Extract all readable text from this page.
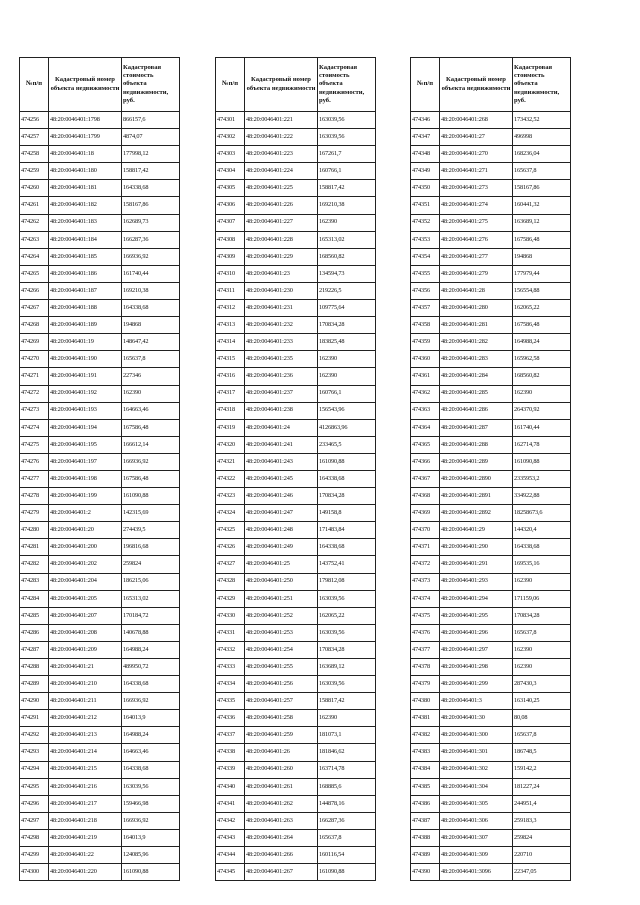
№п/п	Кадастровый номер объекта недвижимости	Кадастровая стоимость объекта недвижимости, руб.
474256	48:20:0046401:1798	866157,6
474257	48:20:0046401:1799	4874,07
474258	48:20:0046401:18	177998,12
474259	48:20:0046401:180	158817,42
474260	48:20:0046401:181	164338,68
474261	48:20:0046401:182	158167,86
474262	48:20:0046401:183	162689,73
474263	48:20:0046401:184	166287,36
474264	48:20:0046401:185	166936,92
474265	48:20:0046401:186	161740,44
474266	48:20:0046401:187	169210,38
474267	48:20:0046401:188	164338,68
474268	48:20:0046401:189	194868
474269	48:20:0046401:19	148647,42
474270	48:20:0046401:190	165637,8
474271	48:20:0046401:191	227346
474272	48:20:0046401:192	162390
474273	48:20:0046401:193	164663,46
474274	48:20:0046401:194	167586,48
474275	48:20:0046401:195	166612,14
474276	48:20:0046401:197	166936,92
474277	48:20:0046401:198	167586,48
474278	48:20:0046401:199	161090,88
474279	48:20:0046401:2	142315,69
474280	48:20:0046401:20	274439,5
474281	48:20:0046401:200	196816,68
474282	48:20:0046401:202	259824
474283	48:20:0046401:204	186215,06
474284	48:20:0046401:205	165313,02
474285	48:20:0046401:207	170184,72
474286	48:20:0046401:208	140678,88
474287	48:20:0046401:209	164988,24
474288	48:20:0046401:21	489950,72
474289	48:20:0046401:210	164338,68
474290	48:20:0046401:211	166936,92
474291	48:20:0046401:212	164013,9
474292	48:20:0046401:213	164988,24
474293	48:20:0046401:214	164663,46
474294	48:20:0046401:215	164338,68
474295	48:20:0046401:216	163039,56
474296	48:20:0046401:217	159466,98
474297	48:20:0046401:218	166936,92
474298	48:20:0046401:219	164013,9
474299	48:20:0046401:22	124085,96
474300	48:20:0046401:220	161090,88
№п/п	Кадастровый номер объекта недвижимости	Кадастровая стоимость объекта недвижимости, руб.
474301	48:20:0046401:221	163039,56
474302	48:20:0046401:222	163039,56
474303	48:20:0046401:223	167261,7
474304	48:20:0046401:224	160766,1
474305	48:20:0046401:225	158817,42
474306	48:20:0046401:226	169210,38
474307	48:20:0046401:227	162390
474308	48:20:0046401:228	165313,02
474309	48:20:0046401:229	168560,82
474310	48:20:0046401:23	134594,73
474311	48:20:0046401:230	219226,5
474312	48:20:0046401:231	109775,64
474313	48:20:0046401:232	170834,28
474314	48:20:0046401:233	183825,48
474315	48:20:0046401:235	162390
474316	48:20:0046401:236	162390
474317	48:20:0046401:237	160766,1
474318	48:20:0046401:238	156543,96
474319	48:20:0046401:24	4126863,96
474320	48:20:0046401:241	233465,5
474321	48:20:0046401:243	161090,88
474322	48:20:0046401:245	164338,68
474323	48:20:0046401:246	170834,28
474324	48:20:0046401:247	149158,8
474325	48:20:0046401:248	171483,84
474326	48:20:0046401:249	164338,68
474327	48:20:0046401:25	143752,41
474328	48:20:0046401:250	179812,08
474329	48:20:0046401:251	163039,56
474330	48:20:0046401:252	162065,22
474331	48:20:0046401:253	163039,56
474332	48:20:0046401:254	170834,28
474333	48:20:0046401:255	163689,12
474334	48:20:0046401:256	163039,56
474335	48:20:0046401:257	158817,42
474336	48:20:0046401:258	162390
474337	48:20:0046401:259	181073,1
474338	48:20:0046401:26	181846,62
474339	48:20:0046401:260	163714,78
474340	48:20:0046401:261	168885,6
474341	48:20:0046401:262	144878,16
474342	48:20:0046401:263	166287,36
474343	48:20:0046401:264	165637,8
474344	48:20:0046401:266	160116,54
474345	48:20:0046401:267	161090,88
№п/п	Кадастровый номер объекта недвижимости	Кадастровая стоимость объекта недвижимости, руб.
474346	48:20:0046401:268	173432,52
474347	48:20:0046401:27	496998
474348	48:20:0046401:270	168236,04
474349	48:20:0046401:271	165637,8
474350	48:20:0046401:273	158167,86
474351	48:20:0046401:274	160441,32
474352	48:20:0046401:275	163689,12
474353	48:20:0046401:276	167586,48
474354	48:20:0046401:277	194868
474355	48:20:0046401:279	177979,44
474356	48:20:0046401:28	156554,88
474357	48:20:0046401:280	162065,22
474358	48:20:0046401:281	167586,48
474359	48:20:0046401:282	164988,24
474360	48:20:0046401:283	165962,58
474361	48:20:0046401:284	168560,82
474362	48:20:0046401:285	162390
474363	48:20:0046401:286	264370,92
474364	48:20:0046401:287	161740,44
474365	48:20:0046401:288	162714,78
474366	48:20:0046401:289	161090,88
474367	48:20:0046401:2890	2335953,2
474368	48:20:0046401:2891	334922,88
474369	48:20:0046401:2892	18258673,6
474370	48:20:0046401:29	144320,4
474371	48:20:0046401:290	164338,68
474372	48:20:0046401:291	169535,16
474373	48:20:0046401:293	162390
474374	48:20:0046401:294	171159,06
474375	48:20:0046401:295	170834,28
474376	48:20:0046401:296	165637,8
474377	48:20:0046401:297	162390
474378	48:20:0046401:298	162390
474379	48:20:0046401:299	287430,3
474380	48:20:0046401:3	163140,25
474381	48:20:0046401:30	80,08
474382	48:20:0046401:300	165637,8
474383	48:20:0046401:301	186748,5
474384	48:20:0046401:302	159142,2
474385	48:20:0046401:304	181227,24
474386	48:20:0046401:305	244951,4
474387	48:20:0046401:306	259183,3
474388	48:20:0046401:307	259824
474389	48:20:0046401:309	220710
474390	48:20:0046401:3096	22347,05
